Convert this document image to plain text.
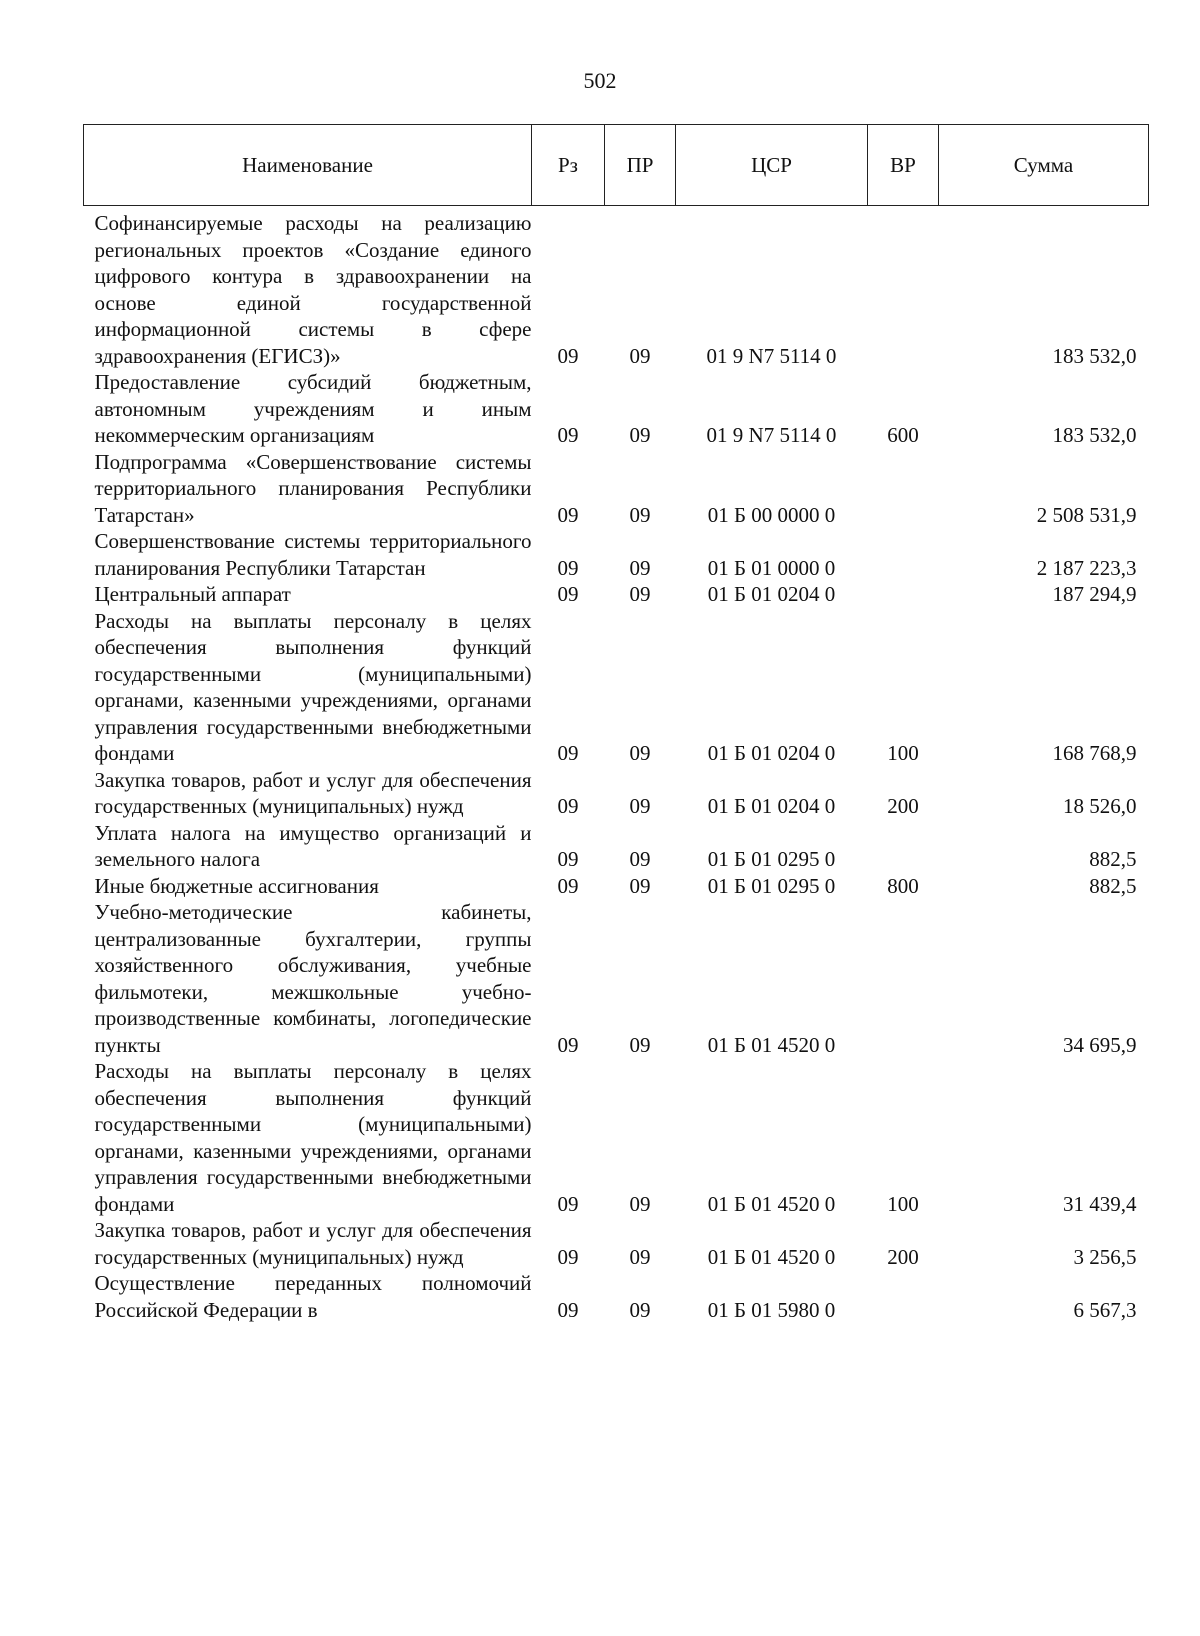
502
Наименование	Рз	ПР	ЦСР	ВР	Сумма
Софинансируемые расходы на реализацию региональных проектов «Создание единого цифрового контура в здравоохранении на основе единой государственной информационной системы в сфере здравоохранения (ЕГИСЗ)»	09	09	01 9 N7 5114 0		183 532,0
Предоставление субсидий бюджетным, автономным учреждениям и иным некоммерческим организациям	09	09	01 9 N7 5114 0	600	183 532,0
Подпрограмма «Совершенствование системы территориального планирования Республики Татарстан»	09	09	01 Б 00 0000 0		2 508 531,9
Совершенствование системы территориального планирования Республики Татарстан	09	09	01 Б 01 0000 0		2 187 223,3
Центральный аппарат	09	09	01 Б 01 0204 0		187 294,9
Расходы на выплаты персоналу в целях обеспечения выполнения функций государственными (муниципальными) органами, казенными учреждениями, органами управления государственными внебюджетными фондами	09	09	01 Б 01 0204 0	100	168 768,9
Закупка товаров, работ и услуг для обеспечения государственных (муниципальных) нужд	09	09	01 Б 01 0204 0	200	18 526,0
Уплата налога на имущество организаций и земельного налога	09	09	01 Б 01 0295 0		882,5
Иные бюджетные ассигнования	09	09	01 Б 01 0295 0	800	882,5
Учебно-методические кабинеты, централизованные бухгалтерии, группы хозяйственного обслуживания, учебные фильмотеки, межшкольные учебно-производственные комбинаты, логопедические пункты	09	09	01 Б 01 4520 0		34 695,9
Расходы на выплаты персоналу в целях обеспечения выполнения функций государственными (муниципальными) органами, казенными учреждениями, органами управления государственными внебюджетными фондами	09	09	01 Б 01 4520 0	100	31 439,4
Закупка товаров, работ и услуг для обеспечения государственных (муниципальных) нужд	09	09	01 Б 01 4520 0	200	3 256,5
Осуществление переданных полномочий Российской Федерации в	09	09	01 Б 01 5980 0		6 567,3
